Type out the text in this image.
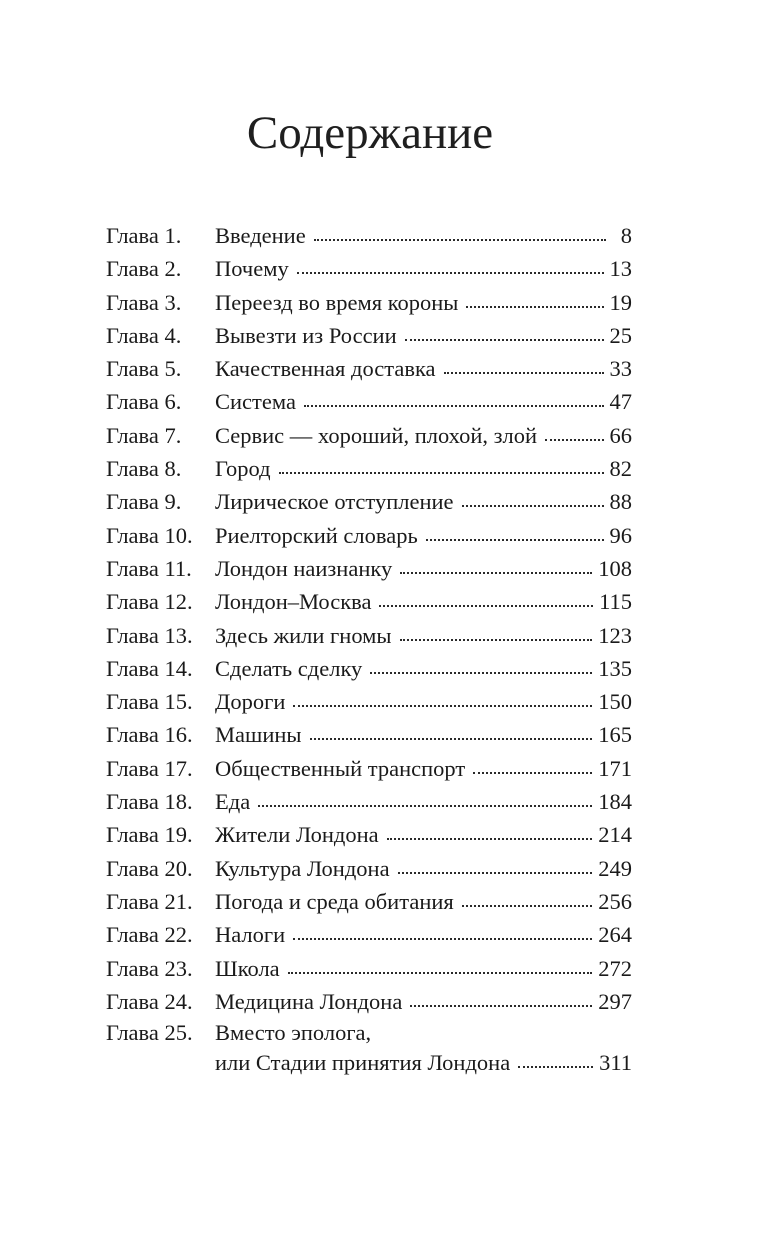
Содержание
Глава 1.	Введение	8
Глава 2.	Почему	13
Глава 3.	Переезд во время короны	19
Глава 4.	Вывезти из России	25
Глава 5.	Качественная доставка	33
Глава 6.	Система	47
Глава 7.	Сервис — хороший, плохой, злой	66
Глава 8.	Город	82
Глава 9.	Лирическое отступление	88
Глава 10. Риелторский словарь	96
Глава 11.	Лондон наизнанку	108
Глава 12. Лондон–Москва	115
Глава 13. Здесь жили гномы	123
Глава 14. Сделать сделку	135
Глава 15. Дороги	150
Глава 16. Машины	165
Глава 17. Общественный транспорт	171
Глава 18. Еда	184
Глава 19. Жители Лондона	214
Глава 20. Культура Лондона	249
Глава 21. Погода и среда обитания	256
Глава 22. Налоги	264
Глава 23. Школа	272
Глава 24. Медицина Лондона	297
Глава 25. Вместо эполога,
или Стадии принятия Лондона	311
